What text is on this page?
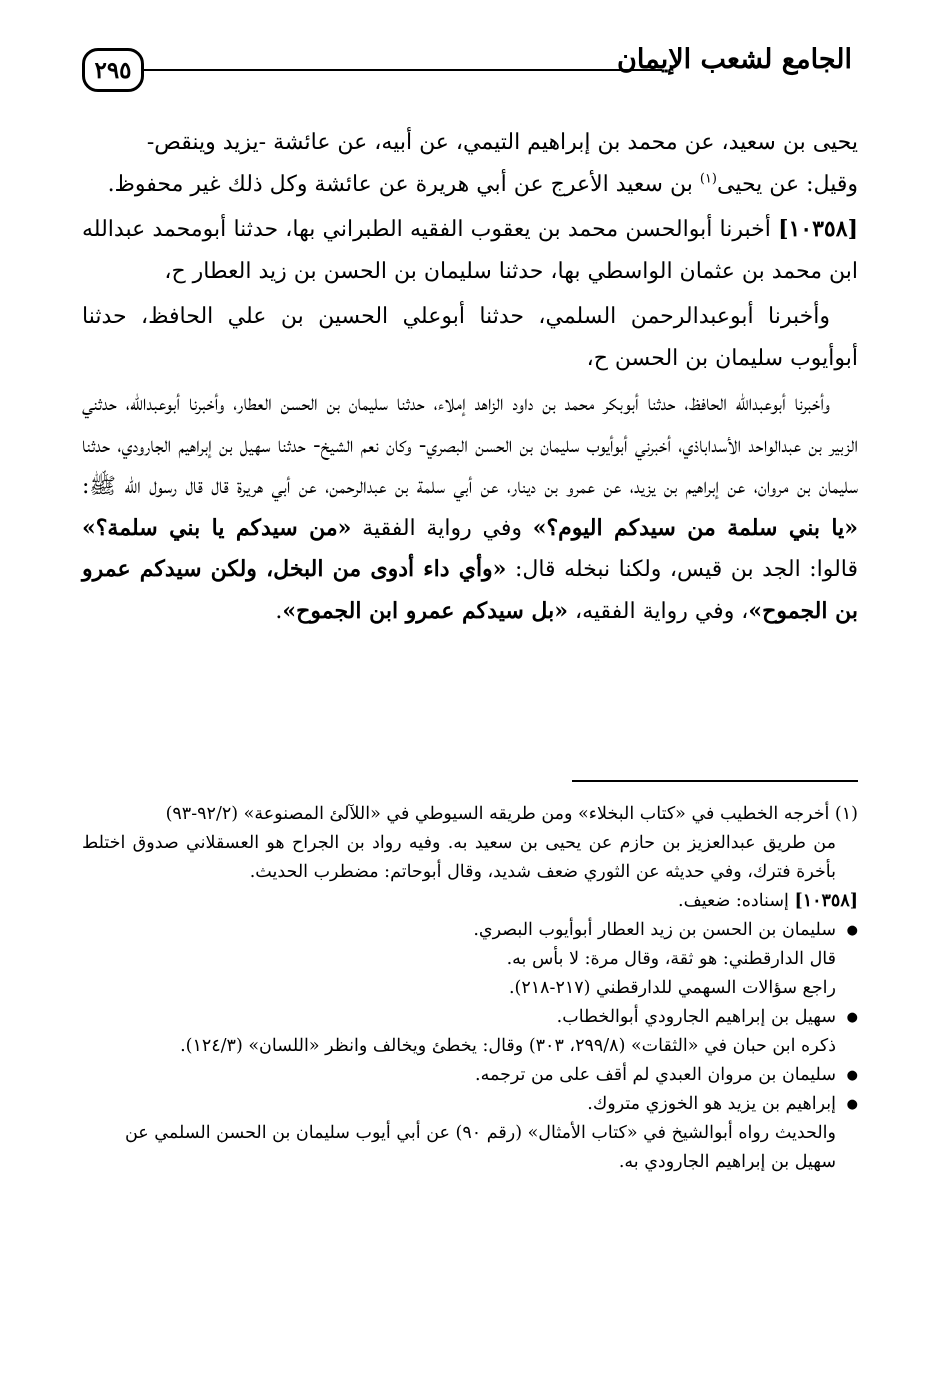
الجامع لشعب الإيمان
٢٩٥

يحيى بن سعيد، عن محمد بن إبراهيم التيمي، عن أبيه، عن عائشة -يزيد وينقص-
وقيل: عن يحيى$^{(١)}$ بن سعيد الأعرج عن أبي هريرة عن عائشة وكل ذلك غير محفوظ.

[١٠٣٥٨] أخبرنا أبوالحسن محمد بن يعقوب الفقيه الطبراني بها، حدثنا أبومحمد عبدالله ابن محمد بن عثمان الواسطي بها، حدثنا سليمان بن الحسن بن زيد العطار ح،

وأخبرنا أبوعبدالرحمن السلمي، حدثنا أبوعلي الحسين بن علي الحافظ، حدثنا أبوأيوب سليمان بن الحسن ح،

وأخبرنا أبوعبدالله الحافظ، حدثنا أبوبكر محمد بن داود الزاهد إملاء، حدثنا سليمان بن الحسن العطار، وأخبرنا أبوعبدالله، حدثني الزبير بن عبدالواحد الأسداباذي، أخبرني أبوأيوب سليمان بن الحسن البصري- وكان نعم الشيخ- حدثنا سهيل بن إبراهيم الجارودي، حدثنا سليمان بن مروان، عن إبراهيم بن يزيد، عن عمرو بن دينار، عن أبي سلمة بن عبدالرحمن، عن أبي هريرة قال قال رسول الله ﷺ: «يا بني سلمة من سيدكم اليوم؟» وفي رواية الفقية «من سيدكم يا بني سلمة؟» قالوا: الجد بن قيس، ولكنا نبخله قال: «وأي داء أدوى من البخل، ولكن سيدكم عمرو بن الجموح»، وفي رواية الفقيه، «بل سيدكم عمرو ابن الجموح».

(١) أخرجه الخطيب في «كتاب البخلاء» ومن طريقه السيوطي في «اللآلئ المصنوعة» (٩٢/٢-٩٣)

من طريق عبدالعزيز بن حازم عن يحيى بن سعيد به. وفيه رواد بن الجراح هو العسقلاني صدوق اختلط بأخرة فترك، وفي حديثه عن الثوري ضعف شديد، وقال أبوحاتم: مضطرب الحديث.

[١٠٣٥٨] إسناده: ضعيف.

● سليمان بن الحسن بن زيد العطار أبوأيوب البصري.

قال الدارقطني: هو ثقة، وقال مرة: لا بأس به.

راجع سؤالات السهمي للدارقطني (٢١٧-٢١٨).

● سهيل بن إبراهيم الجارودي أبوالخطاب.

ذكره ابن حبان في «الثقات» (٢٩٩/٨، ٣٠٣) وقال: يخطئ ويخالف وانظر «اللسان» (١٢٤/٣).

● سليمان بن مروان العبدي لم أقف على من ترجمه.
● إبراهيم بن يزيد هو الخوزي متروك.

والحديث رواه أبوالشيخ في «كتاب الأمثال» (رقم ٩٠) عن أبي أيوب سليمان بن الحسن السلمي عن سهيل بن إبراهيم الجارودي به.
